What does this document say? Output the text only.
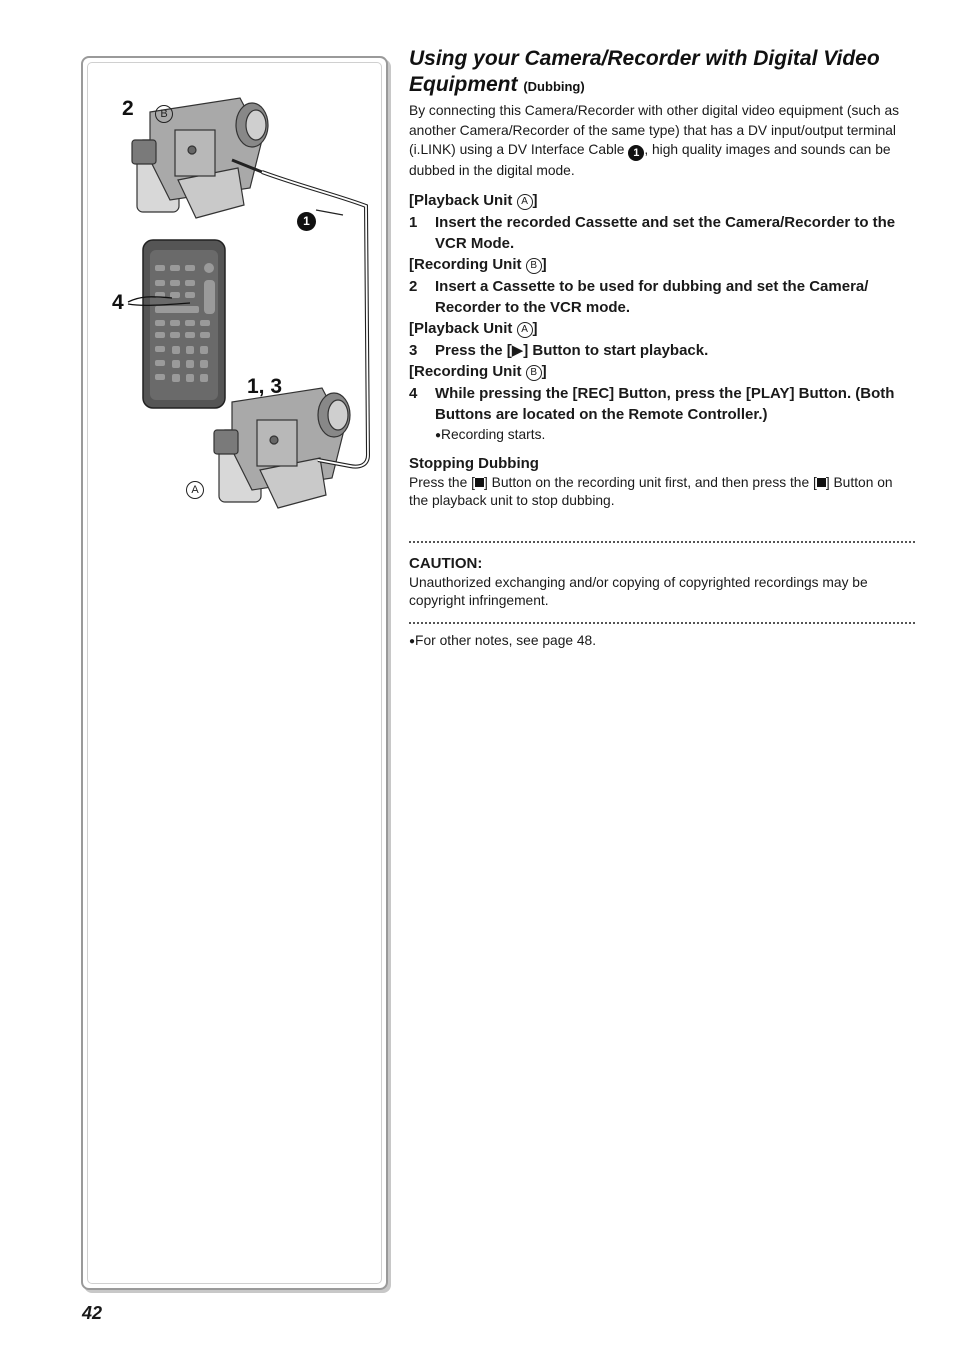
2	B
4
1, 3
A
1
42
Using your Camera/Recorder with Digital Video Equipment (Dubbing)

By connecting this Camera/Recorder with other digital video equipment (such as another Camera/Recorder of the same type) that has a DV input/output terminal (i.LINK) using a DV Interface Cable 1 , high quality images and sounds can be dubbed in the digital mode.

[Playback Unit A ]

1	Insert the recorded Cassette and set the Camera/Recorder to the VCR Mode.

[Recording Unit B ]

2	Insert a Cassette to be used for dubbing and set the Camera/ Recorder to the VCR mode.

[Playback Unit A ]

3	Press the [▶] Button to start playback.

[Recording Unit B ]

4	While pressing the [REC] Button, press the [PLAY] Button. (Both Buttons are located on the Remote Controller.)

●Recording starts.

Stopping Dubbing

Press the [ ] Button on the recording unit first, and then press the [ ] Button on the playback unit to stop dubbing.

CAUTION:

Unauthorized exchanging and/or copying of copyrighted recordings may be copyright infringement.

●For other notes, see page 48.
